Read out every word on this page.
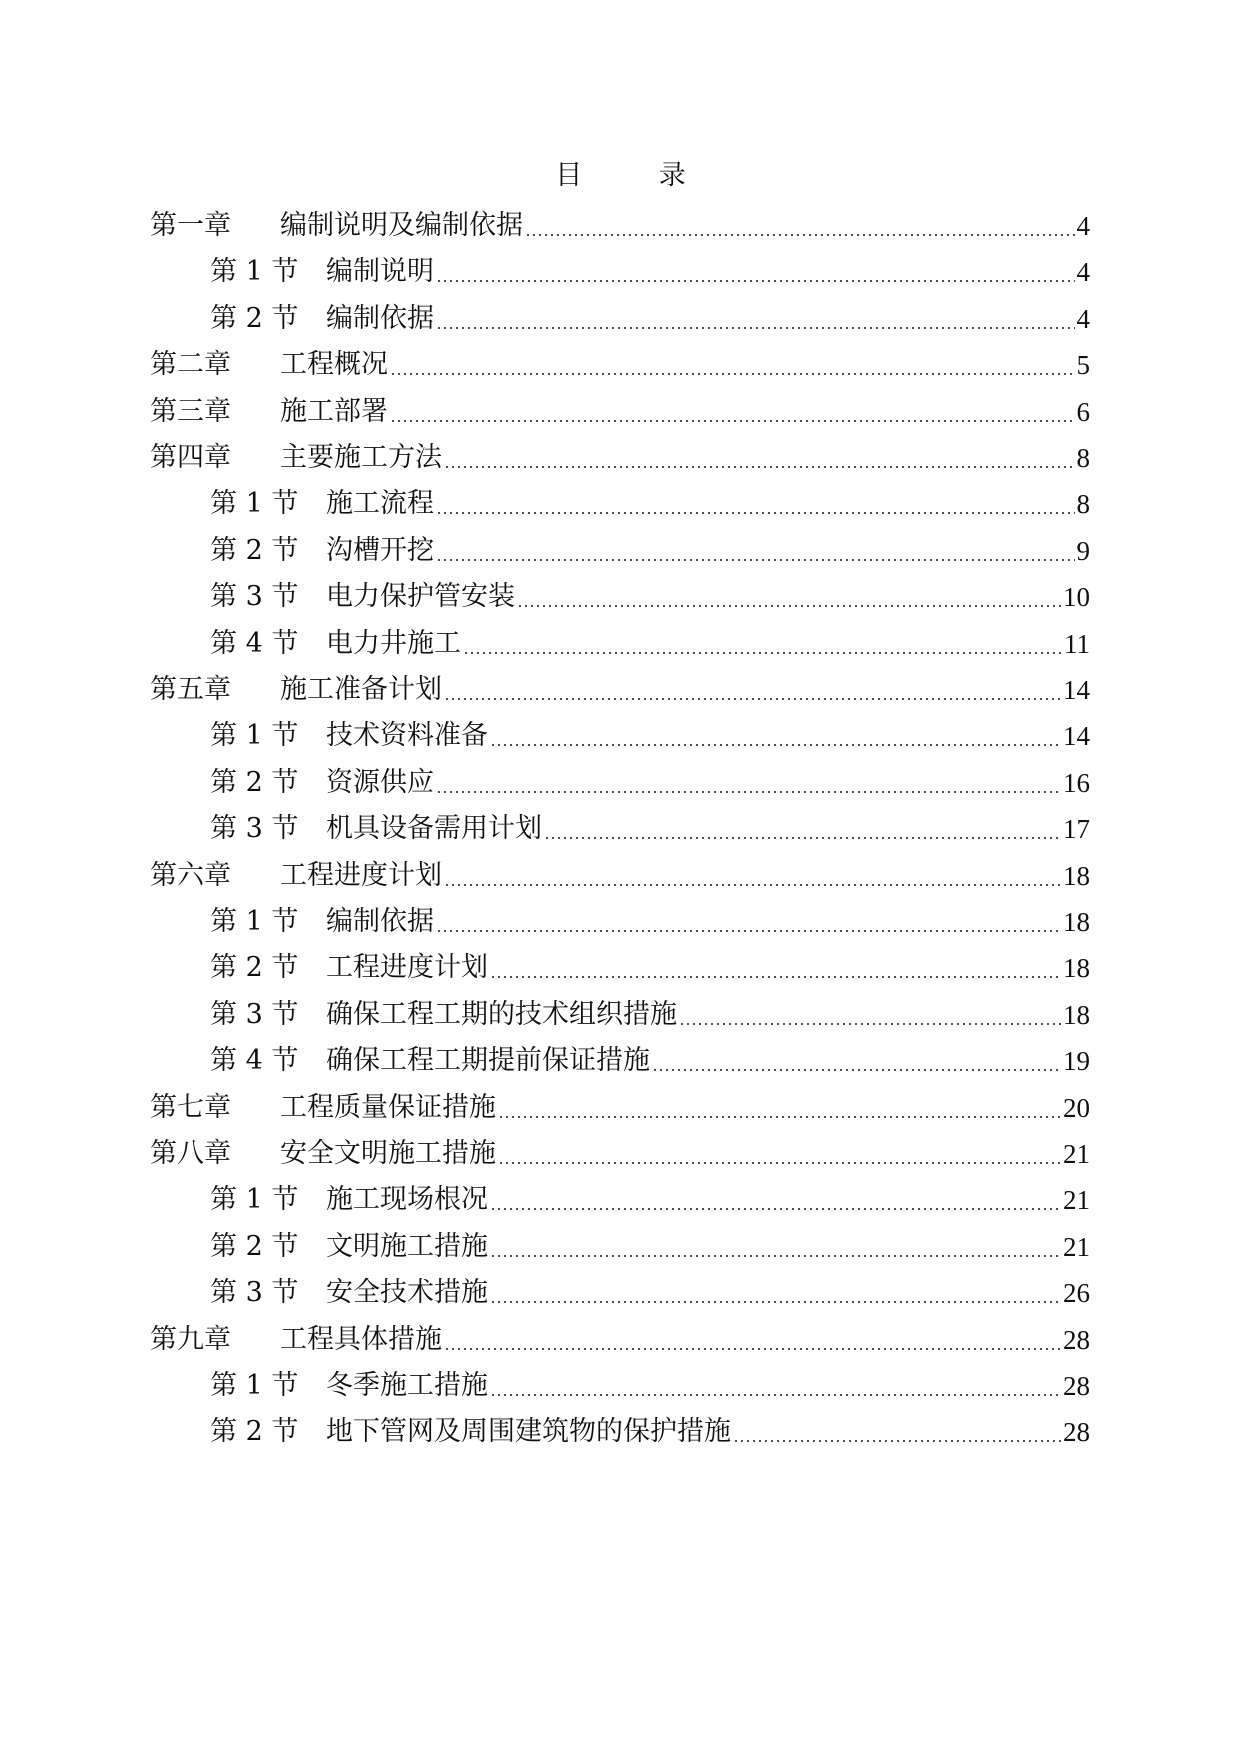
目 录
第一章	编制说明及编制依据	4
第 1 节	编制说明	4
第 2 节	编制依据	4
第二章	工程概况	5
第三章	施工部署	6
第四章	主要施工方法	8
第 1 节	施工流程	8
第 2 节	沟槽开挖	9
第 3 节	电力保护管安装	10
第 4 节	电力井施工	11
第五章	施工准备计划	14
第 1 节	技术资料准备	14
第 2 节	资源供应	16
第 3 节	机具设备需用计划	17
第六章	工程进度计划	18
第 1 节	编制依据	18
第 2 节	工程进度计划	18
第 3 节	确保工程工期的技术组织措施	18
第 4 节	确保工程工期提前保证措施	19
第七章	工程质量保证措施	20
第八章	安全文明施工措施	21
第 1 节	施工现场根况	21
第 2 节	文明施工措施	21
第 3 节	安全技术措施	26
第九章	工程具体措施	28
第 1 节	冬季施工措施	28
第 2 节	地下管网及周围建筑物的保护措施	28
